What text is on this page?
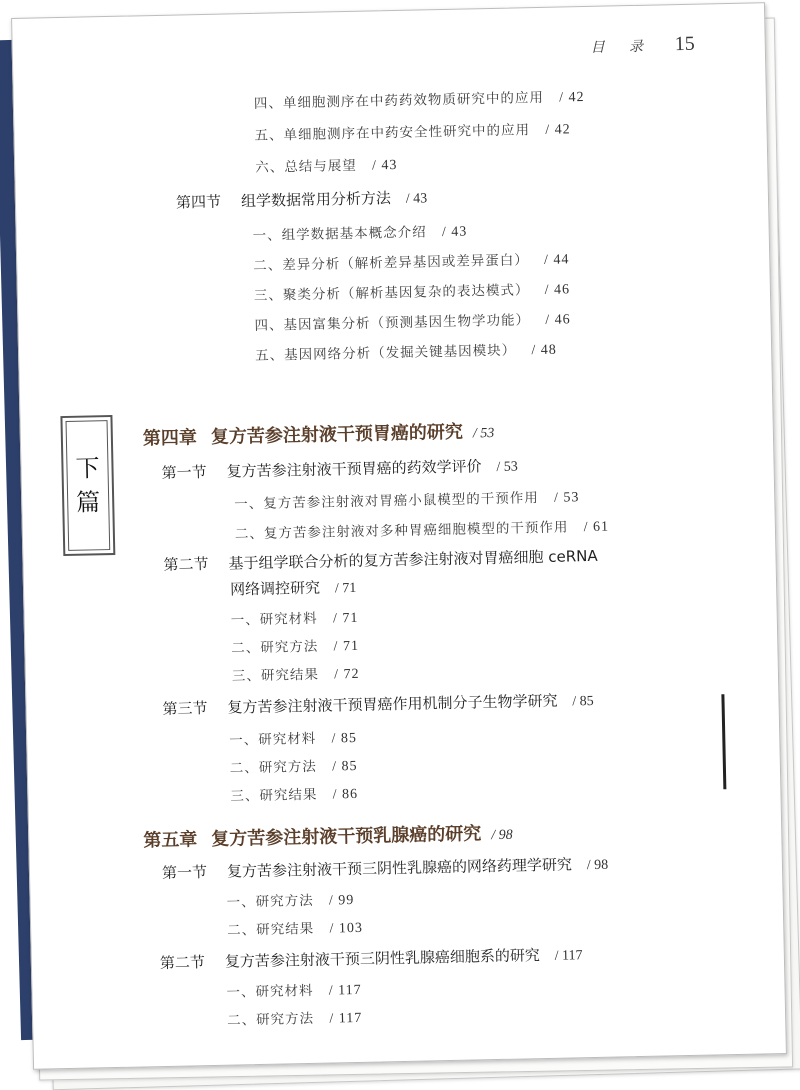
目 录 15
下
篇
四、单细胞测序在中药药效物质研究中的应用 / 42
五、单细胞测序在中药安全性研究中的应用 / 42
六、总结与展望 / 43
第四节 组学数据常用分析方法 / 43
一、组学数据基本概念介绍 / 43
二、差异分析（解析差异基因或差异蛋白） / 44
三、聚类分析（解析基因复杂的表达模式） / 46
四、基因富集分析（预测基因生物学功能） / 46
五、基因网络分析（发掘关键基因模块） / 48
第四章 复方苦参注射液干预胃癌的研究 / 53
第一节 复方苦参注射液干预胃癌的药效学评价 / 53
一、复方苦参注射液对胃癌小鼠模型的干预作用 / 53
二、复方苦参注射液对多种胃癌细胞模型的干预作用 / 61
第二节 基于组学联合分析的复方苦参注射液对胃癌细胞 ceRNA
网络调控研究 / 71
一、研究材料 / 71
二、研究方法 / 71
三、研究结果 / 72
第三节 复方苦参注射液干预胃癌作用机制分子生物学研究 / 85
一、研究材料 / 85
二、研究方法 / 85
三、研究结果 / 86
第五章 复方苦参注射液干预乳腺癌的研究 / 98
第一节 复方苦参注射液干预三阴性乳腺癌的网络药理学研究 / 98
一、研究方法 / 99
二、研究结果 / 103
第二节 复方苦参注射液干预三阴性乳腺癌细胞系的研究 / 117
一、研究材料 / 117
二、研究方法 / 117
